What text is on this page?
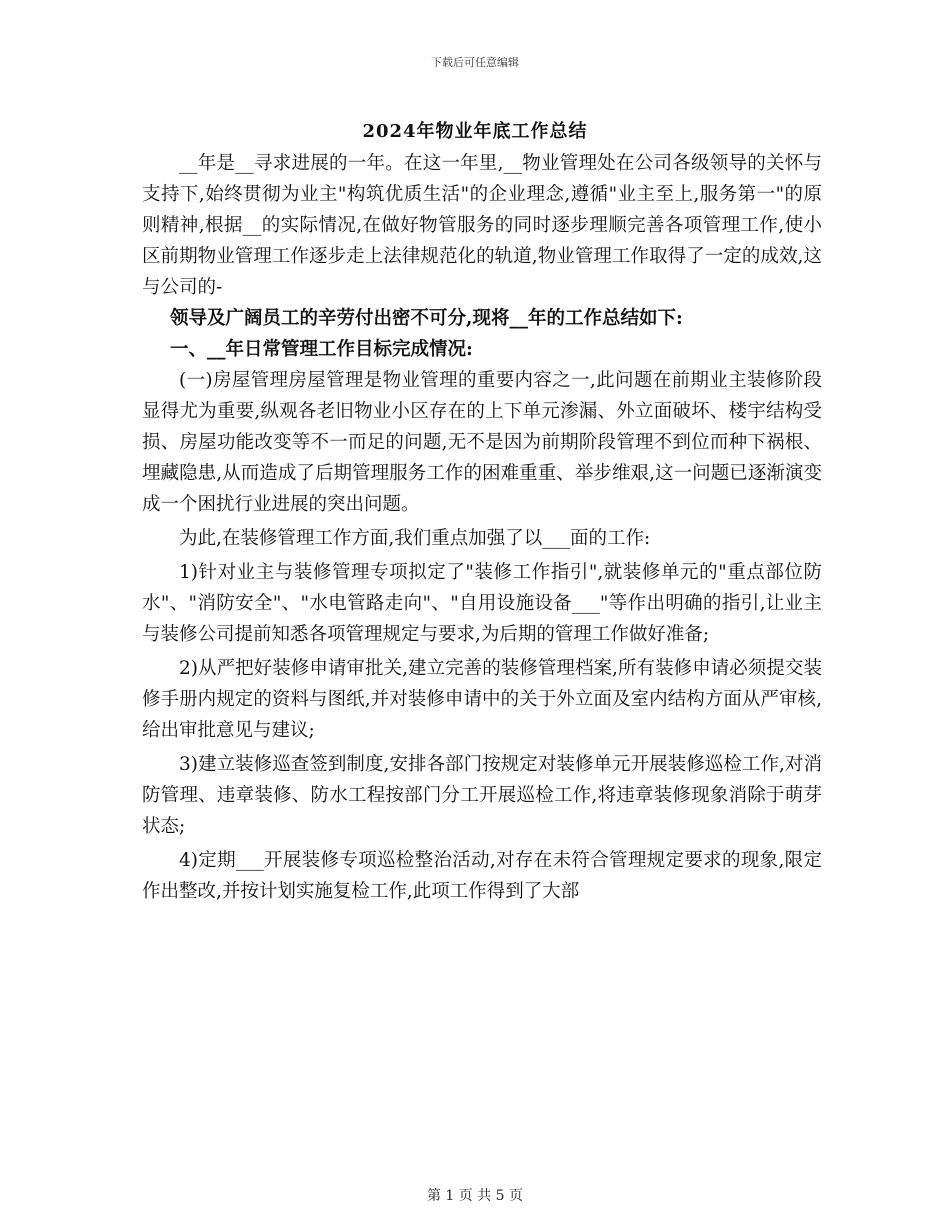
下载后可任意编辑
2024年物业年底工作总结

__年是__寻求进展的一年。在这一年里,__物业管理处在公司各级领导的关怀与支持下,始终贯彻为业主"构筑优质生活"的企业理念,遵循"业主至上,服务第一"的原则精神,根据__的实际情况,在做好物管服务的同时逐步理顺完善各项管理工作,使小区前期物业管理工作逐步走上法律规范化的轨道,物业管理工作取得了一定的成效,这与公司的-

领导及广阔员工的辛劳付出密不可分,现将__年的工作总结如下:

一、__年日常管理工作目标完成情况:

(一)房屋管理房屋管理是物业管理的重要内容之一,此问题在前期业主装修阶段显得尤为重要,纵观各老旧物业小区存在的上下单元渗漏、外立面破坏、楼宇结构受损、房屋功能改变等不一而足的问题,无不是因为前期阶段管理不到位而种下祸根、埋藏隐患,从而造成了后期管理服务工作的困难重重、举步维艰,这一问题已逐渐演变成一个困扰行业进展的突出问题。

为此,在装修管理工作方面,我们重点加强了以___面的工作:

1)针对业主与装修管理专项拟定了"装修工作指引",就装修单元的"重点部位防水"、"消防安全"、"水电管路走向"、"自用设施设备___"等作出明确的指引,让业主与装修公司提前知悉各项管理规定与要求,为后期的管理工作做好准备;

2)从严把好装修申请审批关,建立完善的装修管理档案,所有装修申请必须提交装修手册内规定的资料与图纸,并对装修申请中的关于外立面及室内结构方面从严审核,给出审批意见与建议;

3)建立装修巡查签到制度,安排各部门按规定对装修单元开展装修巡检工作,对消防管理、违章装修、防水工程按部门分工开展巡检工作,将违章装修现象消除于萌芽状态;

4)定期___开展装修专项巡检整治活动,对存在未符合管理规定要求的现象,限定作出整改,并按计划实施复检工作,此项工作得到了大部

第 1 页 共 5 页
